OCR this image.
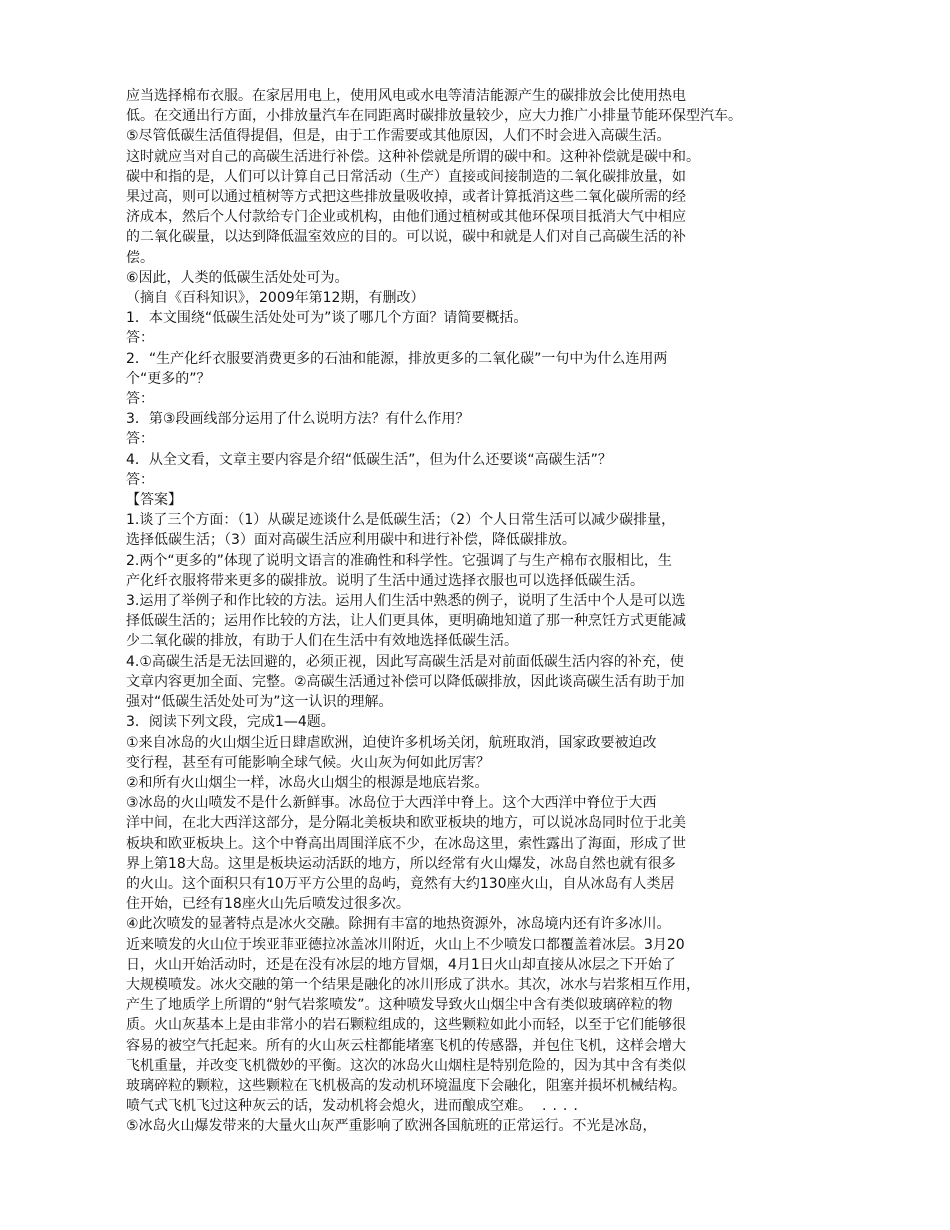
应当选择棉布衣服。在家居用电上，使用风电或水电等清洁能源产生的碳排放会比使用热电
低。在交通出行方面，小排放量汽车在同距离时碳排放量较少，应大力推广小排量节能环保型汽车。
⑤尽管低碳生活值得提倡，但是，由于工作需要或其他原因，人们不时会进入高碳生活。
这时就应当对自己的高碳生活进行补偿。这种补偿就是所谓的碳中和。这种补偿就是碳中和。
碳中和指的是，人们可以计算自己日常活动（生产）直接或间接制造的二氧化碳排放量，如
果过高，则可以通过植树等方式把这些排放量吸收掉，或者计算抵消这些二氧化碳所需的经
济成本，然后个人付款给专门企业或机构，由他们通过植树或其他环保项目抵消大气中相应
的二氧化碳量，以达到降低温室效应的目的。可以说，碳中和就是人们对自己高碳生活的补
偿。
⑥因此，人类的低碳生活处处可为。
（摘自《百科知识》，2009年第12期，有删改）
1．本文围绕“低碳生活处处可为”谈了哪几个方面？请简要概括。
答：
2．“生产化纤衣服要消费更多的石油和能源，排放更多的二氧化碳”一句中为什么连用两
个“更多的”？
答：
3．第③段画线部分运用了什么说明方法？有什么作用？
答：
4．从全文看，文章主要内容是介绍“低碳生活”，但为什么还要谈“高碳生活”？
答：
【答案】
1.谈了三个方面：（1）从碳足迹谈什么是低碳生活；（2）个人日常生活可以减少碳排量，
选择低碳生活；（3）面对高碳生活应利用碳中和进行补偿，降低碳排放。
2.两个“更多的”体现了说明文语言的准确性和科学性。它强调了与生产棉布衣服相比，生
产化纤衣服将带来更多的碳排放。说明了生活中通过选择衣服也可以选择低碳生活。
3.运用了举例子和作比较的方法。运用人们生活中熟悉的例子，说明了生活中个人是可以选
择低碳生活的；运用作比较的方法，让人们更具体，更明确地知道了那一种烹饪方式更能减
少二氧化碳的排放，有助于人们在生活中有效地选择低碳生活。
4.①高碳生活是无法回避的，必须正视，因此写高碳生活是对前面低碳生活内容的补充，使
文章内容更加全面、完整。②高碳生活通过补偿可以降低碳排放，因此谈高碳生活有助于加
强对“低碳生活处处可为”这一认识的理解。
3．阅读下列文段，完成1—4题。
①来自冰岛的火山烟尘近日肆虐欧洲，迫使许多机场关闭，航班取消，国家政要被迫改
变行程，甚至有可能影响全球气候。火山灰为何如此厉害？
②和所有火山烟尘一样，冰岛火山烟尘的根源是地底岩浆。
③冰岛的火山喷发不是什么新鲜事。冰岛位于大西洋中脊上。这个大西洋中脊位于大西
洋中间，在北大西洋这部分，是分隔北美板块和欧亚板块的地方，可以说冰岛同时位于北美
板块和欧亚板块上。这个中脊高出周围洋底不少，在冰岛这里，索性露出了海面，形成了世
界上第18大岛。这里是板块运动活跃的地方，所以经常有火山爆发，冰岛自然也就有很多
的火山。这个面积只有10万平方公里的岛屿，竟然有大约130座火山，自从冰岛有人类居
住开始，已经有18座火山先后喷发过很多次。
④此次喷发的显著特点是冰火交融。除拥有丰富的地热资源外，冰岛境内还有许多冰川。
近来喷发的火山位于埃亚菲亚德拉冰盖冰川附近，火山上不少喷发口都覆盖着冰层。3月20
日，火山开始活动时，还是在没有冰层的地方冒烟，4月1日火山却直接从冰层之下开始了
大规模喷发。冰火交融的第一个结果是融化的冰川形成了洪水。其次，冰水与岩浆相互作用，
产生了地质学上所谓的“射气岩浆喷发”。这种喷发导致火山烟尘中含有类似玻璃碎粒的物
质。火山灰基本上是由非常小的岩石颗粒组成的，这些颗粒如此小而轻，以至于它们能够很
容易的被空气托起来。所有的火山灰云柱都能堵塞飞机的传感器，并包住飞机，这样会增大
飞机重量，并改变飞机微妙的平衡。这次的冰岛火山烟柱是特别危险的，因为其中含有类似
玻璃碎粒的颗粒，这些颗粒在飞机极高的发动机环境温度下会融化，阻塞并损坏机械结构。
喷气式飞机飞过这种灰云的话，发动机将会熄火，进而酿成空难。 ....
⑤冰岛火山爆发带来的大量火山灰严重影响了欧洲各国航班的正常运行。不光是冰岛，
